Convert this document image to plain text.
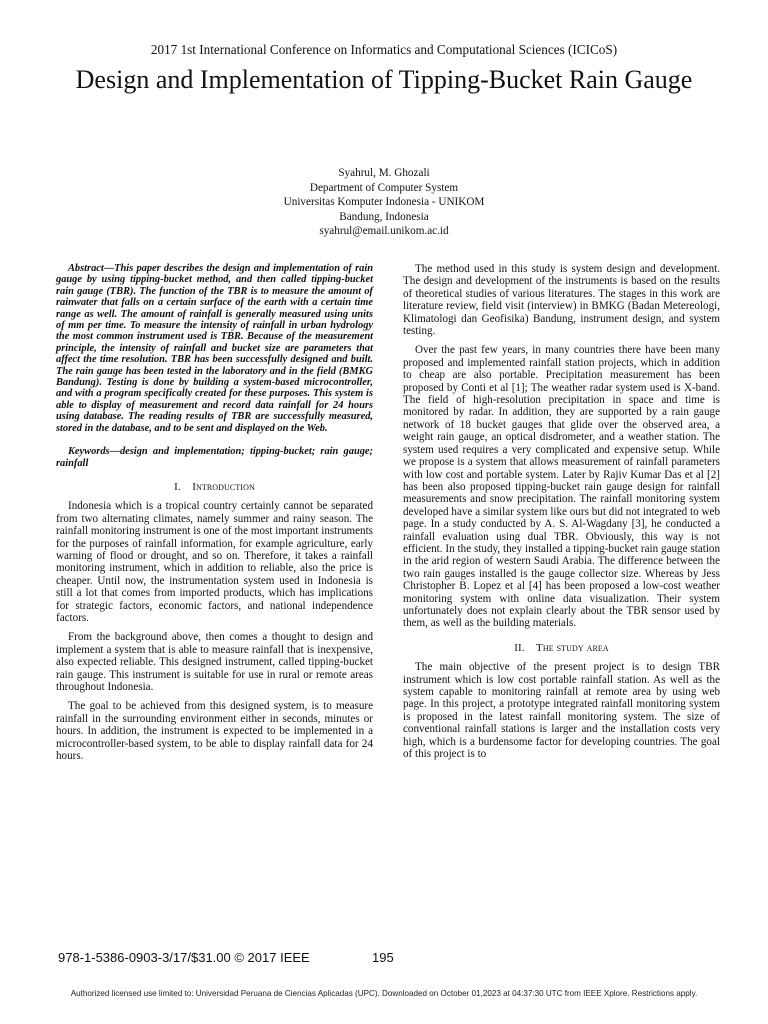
2017 1st International Conference on Informatics and Computational Sciences (ICICoS)
Design and Implementation of Tipping-Bucket Rain Gauge
Syahrul, M. Ghozali
Department of Computer System
Universitas Komputer Indonesia - UNIKOM
Bandung, Indonesia
syahrul@email.unikom.ac.id

Abstract—This paper describes the design and implementation of rain gauge by using tipping-bucket method, and then called tipping-bucket rain gauge (TBR). The function of the TBR is to measure the amount of rainwater that falls on a certain surface of the earth with a certain time range as well. The amount of rainfall is generally measured using units of mm per time. To measure the intensity of rainfall in urban hydrology the most common instrument used is TBR. Because of the measurement principle, the intensity of rainfall and bucket size are parameters that affect the time resolution. TBR has been successfully designed and built. The rain gauge has been tested in the laboratory and in the field (BMKG Bandung). Testing is done by building a system-based microcontroller, and with a program specifically created for these purposes. This system is able to display of measurement and record data rainfall for 24 hours using database. The reading results of TBR are successfully measured, stored in the database, and to be sent and displayed on the Web.

Keywords—design and implementation; tipping-bucket; rain gauge; rainfall

I. Introduction

Indonesia which is a tropical country certainly cannot be separated from two alternating climates, namely summer and rainy season. The rainfall monitoring instrument is one of the most important instruments for the purposes of rainfall information, for example agriculture, early warning of flood or drought, and so on. Therefore, it takes a rainfall monitoring instrument, which in addition to reliable, also the price is cheaper. Until now, the instrumentation system used in Indonesia is still a lot that comes from imported products, which has implications for strategic factors, economic factors, and national independence factors.

From the background above, then comes a thought to design and implement a system that is able to measure rainfall that is inexpensive, also expected reliable. This designed instrument, called tipping-bucket rain gauge. This instrument is suitable for use in rural or remote areas throughout Indonesia.

The goal to be achieved from this designed system, is to measure rainfall in the surrounding environment either in seconds, minutes or hours. In addition, the instrument is expected to be implemented in a microcontroller-based system, to be able to display rainfall data for 24 hours.

The method used in this study is system design and development. The design and development of the instruments is based on the results of theoretical studies of various literatures. The stages in this work are literature review, field visit (interview) in BMKG (Badan Metereologi, Klimatologi dan Geofisika) Bandung, instrument design, and system testing.

Over the past few years, in many countries there have been many proposed and implemented rainfall station projects, which in addition to cheap are also portable. Precipitation measurement has been proposed by Conti et al [1]; The weather radar system used is X-band. The field of high-resolution precipitation in space and time is monitored by radar. In addition, they are supported by a rain gauge network of 18 bucket gauges that glide over the observed area, a weight rain gauge, an optical disdrometer, and a weather station. The system used requires a very complicated and expensive setup. While we propose is a system that allows measurement of rainfall parameters with low cost and portable system. Later by Rajiv Kumar Das et al [2] has been also proposed tipping-bucket rain gauge design for rainfall measurements and snow precipitation. The rainfall monitoring system developed have a similar system like ours but did not integrated to web page. In a study conducted by A. S. Al-Wagdany [3], he conducted a rainfall evaluation using dual TBR. Obviously, this way is not efficient. In the study, they installed a tipping-bucket rain gauge station in the arid region of western Saudi Arabia. The difference between the two rain gauges installed is the gauge collector size. Whereas by Jess Christopher B. Lopez et al [4] has been proposed a low-cost weather monitoring system with online data visualization. Their system unfortunately does not explain clearly about the TBR sensor used by them, as well as the building materials.

II. The study area

The main objective of the present project is to design TBR instrument which is low cost portable rainfall station. As well as the system capable to monitoring rainfall at remote area by using web page. In this project, a prototype integrated rainfall monitoring system is proposed in the latest rainfall monitoring system. The size of conventional rainfall stations is larger and the installation costs very high, which is a burdensome factor for developing countries. The goal of this project is to

978-1-5386-0903-3/17/$31.00 © 2017 IEEE	195
Authorized licensed use limited to: Universidad Peruana de Ciencias Aplicadas (UPC). Downloaded on October 01,2023 at 04:37:30 UTC from IEEE Xplore. Restrictions apply.
